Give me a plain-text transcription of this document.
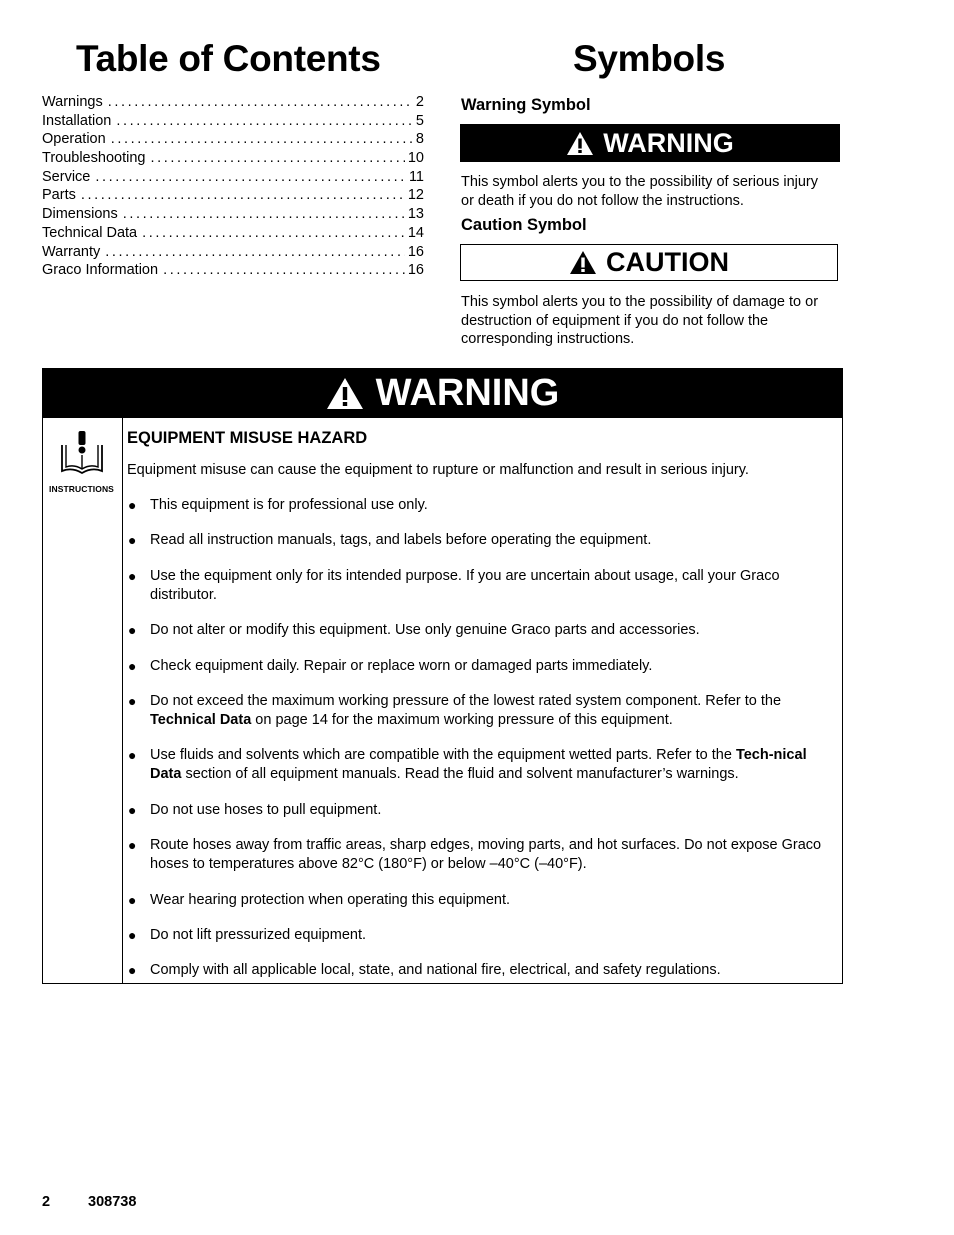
Table of Contents
Warnings .....	2
Installation .....	5
Operation .....	8
Troubleshooting .....	10
Service .....	11
Parts .....	12
Dimensions .....	13
Technical Data .....	14
Warranty .....	16
Graco Information .....	16
Symbols
Warning Symbol
WARNING
This symbol alerts you to the possibility of serious injury or death if you do not follow the instructions.
Caution Symbol
CAUTION
This symbol alerts you to the possibility of damage to or destruction of equipment if you do not follow the corresponding instructions.
WARNING
INSTRUCTIONS
EQUIPMENT MISUSE HAZARD
Equipment misuse can cause the equipment to rupture or malfunction and result in serious injury.
● This equipment is for professional use only.
● Read all instruction manuals, tags, and labels before operating the equipment.
● Use the equipment only for its intended purpose. If you are uncertain about usage, call your Graco distributor.
● Do not alter or modify this equipment. Use only genuine Graco parts and accessories.
● Check equipment daily. Repair or replace worn or damaged parts immediately.
● Do not exceed the maximum working pressure of the lowest rated system component. Refer to the Technical Data on page 14 for the maximum working pressure of this equipment.
● Use fluids and solvents which are compatible with the equipment wetted parts. Refer to the Tech-nical Data section of all equipment manuals. Read the fluid and solvent manufacturer’s warnings.
● Do not use hoses to pull equipment.
● Route hoses away from traffic areas, sharp edges, moving parts, and hot surfaces. Do not expose Graco hoses to temperatures above 82°C (180°F) or below –40°C (–40°F).
● Wear hearing protection when operating this equipment.
● Do not lift pressurized equipment.
● Comply with all applicable local, state, and national fire, electrical, and safety regulations.
2	308738
